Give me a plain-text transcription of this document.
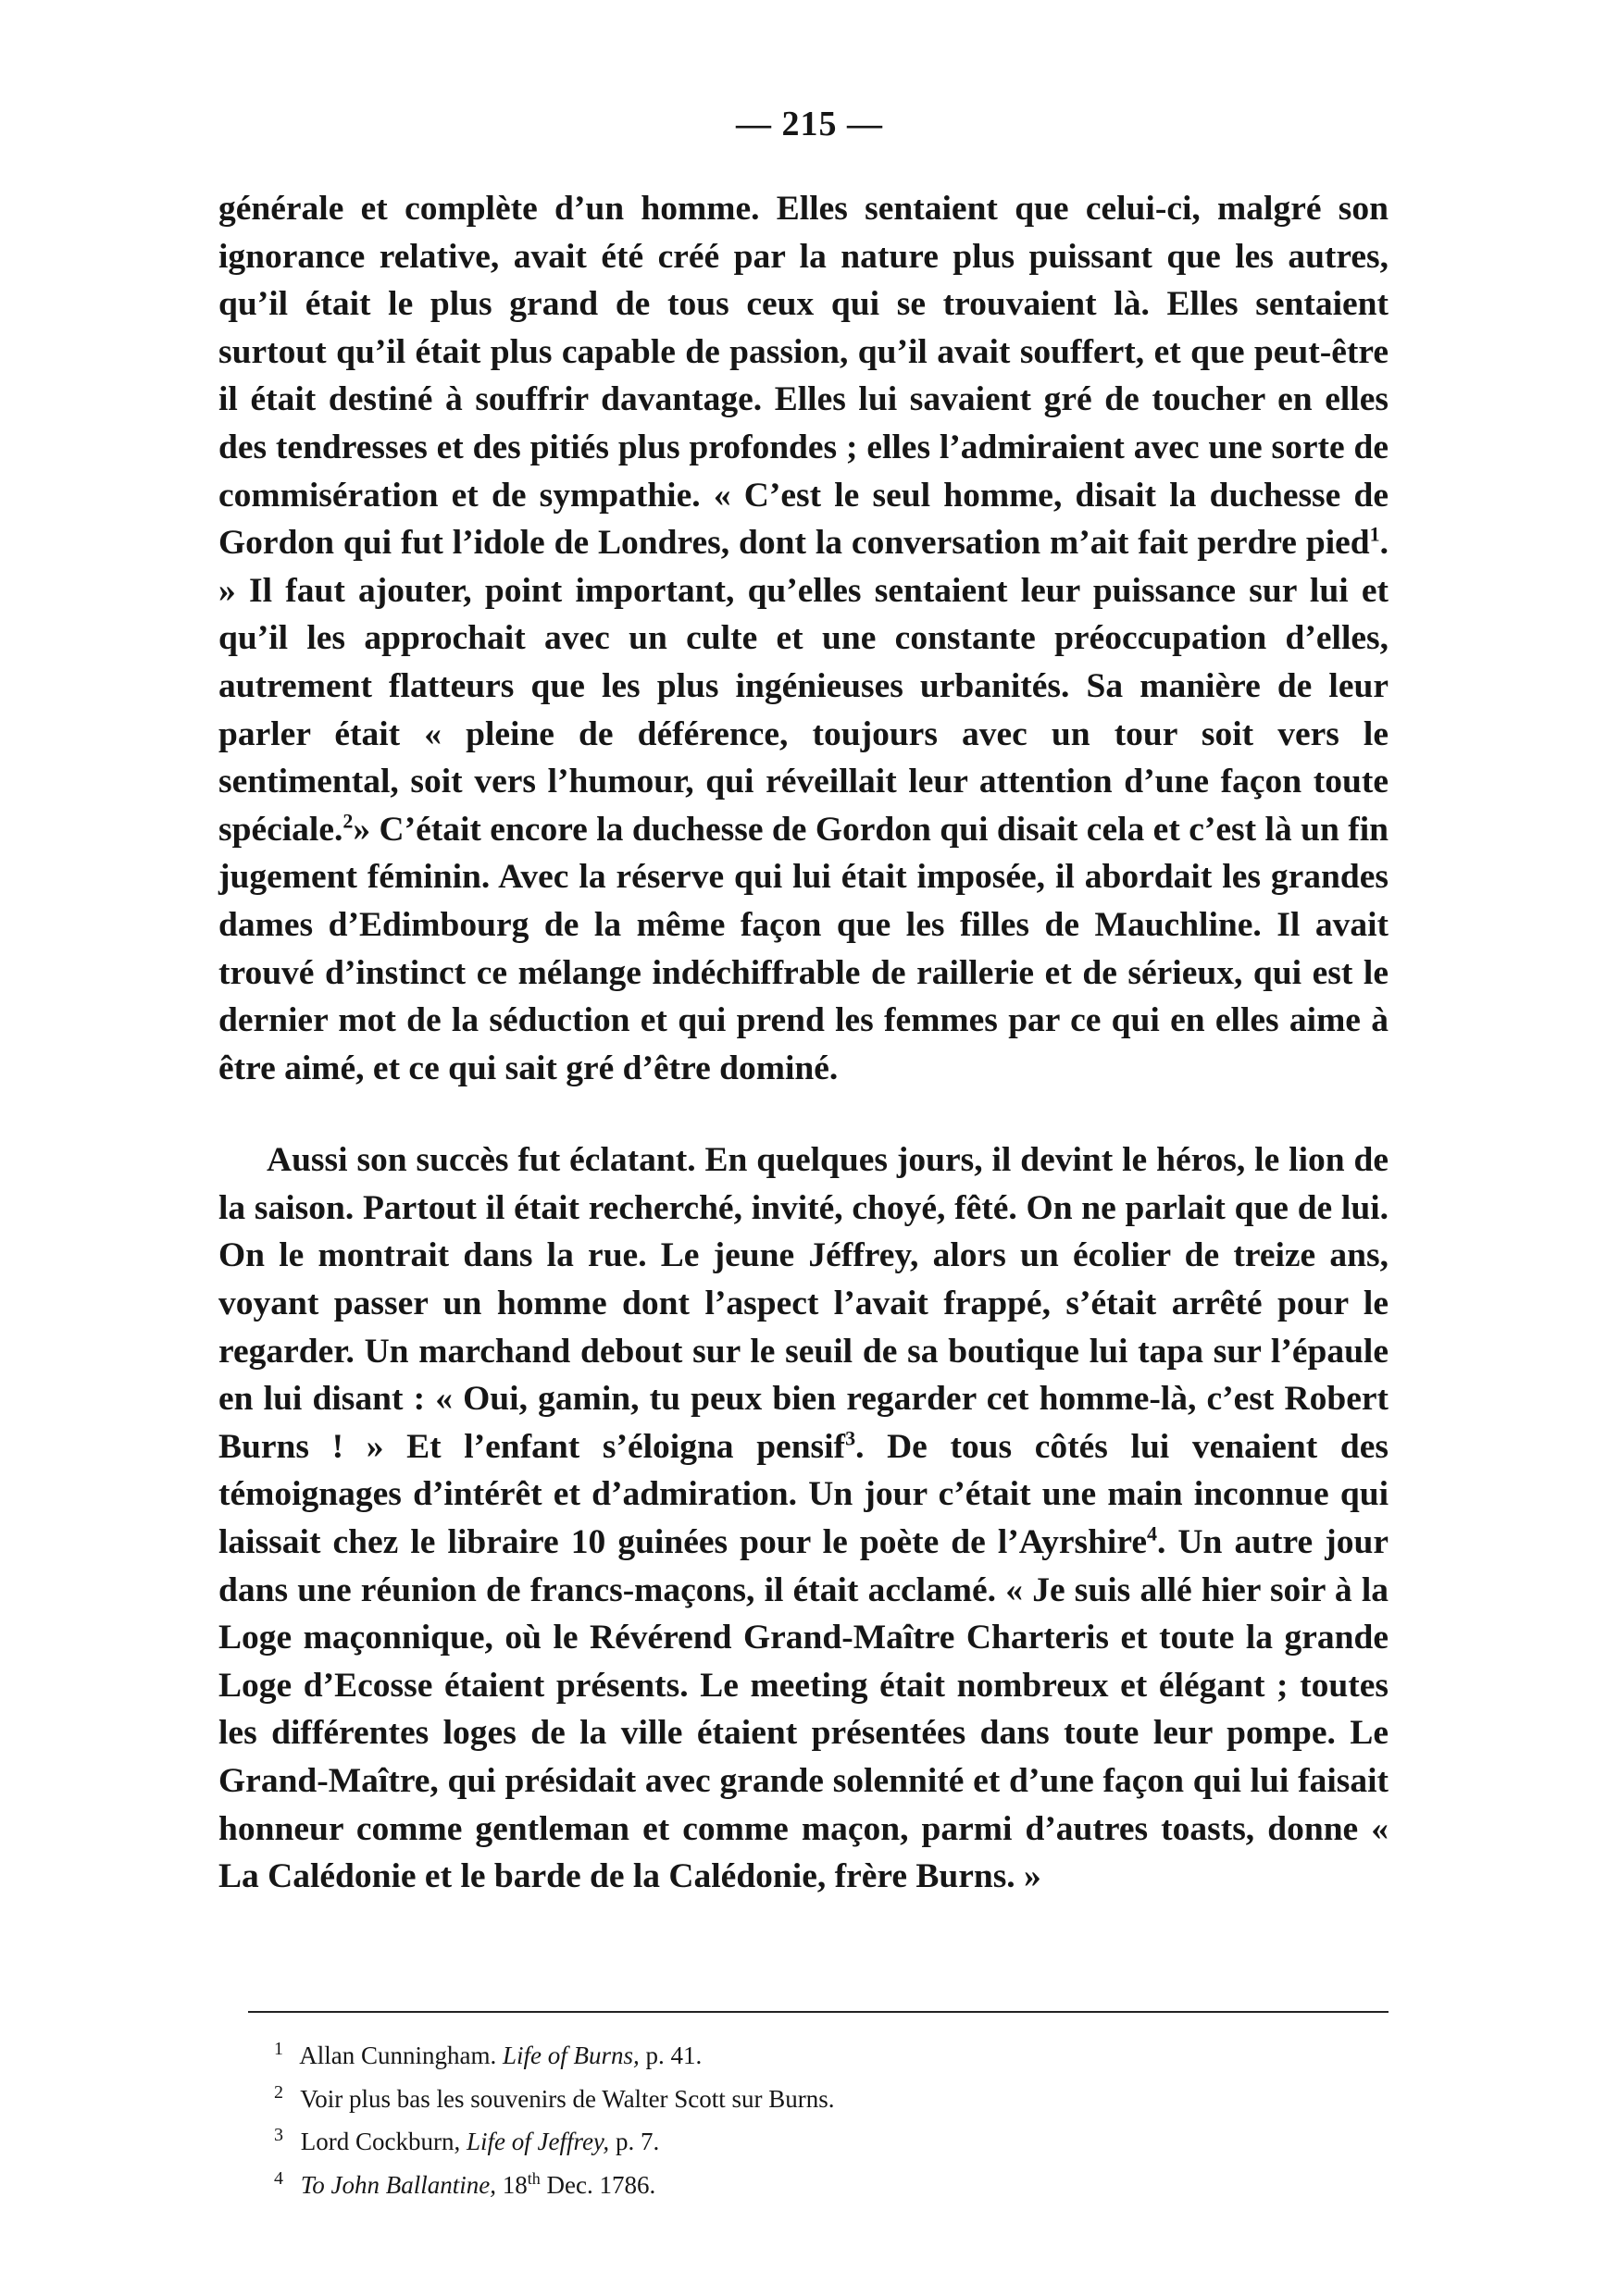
— 215 —

générale et complète d’un homme. Elles sentaient que celui-ci, malgré son ignorance relative, avait été créé par la nature plus puissant que les autres, qu’il était le plus grand de tous ceux qui se trouvaient là. Elles sentaient surtout qu’il était plus capable de passion, qu’il avait souffert, et que peut-être il était destiné à souffrir davantage. Elles lui savaient gré de toucher en elles des tendresses et des pitiés plus profondes ; elles l’admiraient avec une sorte de commisération et de sympathie. « C’est le seul homme, disait la duchesse de Gordon qui fut l’idole de Londres, dont la conversation m’ait fait perdre pied$^1$. » Il faut ajouter, point important, qu’elles sentaient leur puissance sur lui et qu’il les approchait avec un culte et une constante préoccupation d’elles, autrement flatteurs que les plus ingénieuses urbanités. Sa manière de leur parler était « pleine de déférence, toujours avec un tour soit vers le sentimental, soit vers l’humour, qui réveillait leur attention d’une façon toute spéciale.$^2$» C’était encore la duchesse de Gordon qui disait cela et c’est là un fin jugement féminin. Avec la réserve qui lui était imposée, il abordait les grandes dames d’Edimbourg de la même façon que les filles de Mauchline. Il avait trouvé d’instinct ce mélange indéchiffrable de raillerie et de sérieux, qui est le dernier mot de la séduction et qui prend les femmes par ce qui en elles aime à être aimé, et ce qui sait gré d’être dominé.

Aussi son succès fut éclatant. En quelques jours, il devint le héros, le lion de la saison. Partout il était recherché, invité, choyé, fêté. On ne parlait que de lui. On le montrait dans la rue. Le jeune Jéffrey, alors un écolier de treize ans, voyant passer un homme dont l’aspect l’avait frappé, s’était arrêté pour le regarder. Un marchand debout sur le seuil de sa boutique lui tapa sur l’épaule en lui disant : « Oui, gamin, tu peux bien regarder cet homme-là, c’est Robert Burns ! » Et l’enfant s’éloigna pensif$^3$. De tous côtés lui venaient des témoignages d’intérêt et d’admiration. Un jour c’était une main inconnue qui laissait chez le libraire 10 guinées pour le poète de l’Ayrshire$^4$. Un autre jour dans une réunion de francs-maçons, il était acclamé. « Je suis allé hier soir à la Loge maçonnique, où le Révérend Grand-Maître Charteris et toute la grande Loge d’Ecosse étaient présents. Le meeting était nombreux et élégant ; toutes les différentes loges de la ville étaient présentées dans toute leur pompe. Le Grand-Maître, qui présidait avec grande solennité et d’une façon qui lui faisait honneur comme gentleman et comme maçon, parmi d’autres toasts, donne « La Calédonie et le barde de la Calédonie, frère Burns. »

1 Allan Cunningham. Life of Burns, p. 41.
2 Voir plus bas les souvenirs de Walter Scott sur Burns.
3 Lord Cockburn, Life of Jeffrey, p. 7.
4 To John Ballantine, 18th Dec. 1786.
